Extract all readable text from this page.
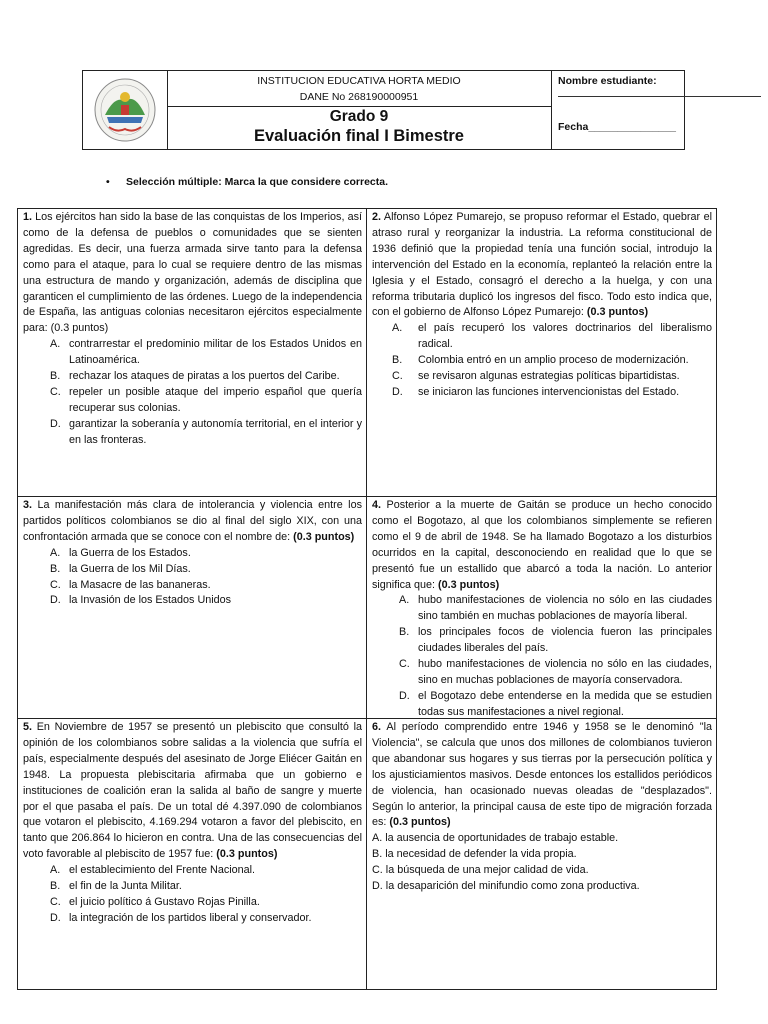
INSTITUCION EDUCATIVA HORTA MEDIO
DANE No 268190000951
Grado 9
Evaluación final I Bimestre
Nombre estudiante:
Fecha_______________
• Selección múltiple: Marca la que considere correcta.
1. Los ejércitos han sido la base de las conquistas de los Imperios, así como de la defensa de pueblos o comunidades que se sienten agredidas. Es decir, una fuerza armada sirve tanto para la defensa como para el ataque, para lo cual se requiere dentro de las mismas una estructura de mando y organización, además de disciplina que garanticen el cumplimiento de las órdenes. Luego de la independencia de España, las antiguas colonias necesitaron ejércitos especialmente para: (0.3 puntos)
A. contrarrestar el predominio militar de los Estados Unidos en Latinoamérica.
B. rechazar los ataques de piratas a los puertos del Caribe.
C. repeler un posible ataque del imperio español que quería recuperar sus colonias.
D. garantizar la soberanía y autonomía territorial, en el interior y en las fronteras.
2. Alfonso López Pumarejo, se propuso reformar el Estado, quebrar el atraso rural y reorganizar la industria. La reforma constitucional de 1936 definió que la propiedad tenía una función social, introdujo la intervención del Estado en la economía, replanteó la relación entre la Iglesia y el Estado, consagró el derecho a la huelga, y con una reforma tributaria duplicó los ingresos del fisco. Todo esto indica que, con el gobierno de Alfonso López Pumarejo: (0.3 puntos)
A.	el país recuperó los valores doctrinarios del liberalismo radical.
B.	Colombia entró en un amplio proceso de modernización.
C.	se revisaron algunas estrategias políticas bipartidistas.
D.	se iniciaron las funciones intervencionistas del Estado.
3. La manifestación más clara de intolerancia y violencia entre los partidos políticos colombianos se dio al final del siglo XIX, con una confrontación armada que se conoce con el nombre de: (0.3 puntos)
A. la Guerra de los Estados.
B. la Guerra de los Mil Días.
C. la Masacre de las bananeras.
D. la Invasión de los Estados Unidos
4. Posterior a la muerte de Gaitán se produce un hecho conocido como el Bogotazo, al que los colombianos simplemente se refieren como el 9 de abril de 1948. Se ha llamado Bogotazo a los disturbios ocurridos en la capital, desconociendo en realidad que lo que se presentó fue un estallido que abarcó a toda la nación. Lo anterior significa que: (0.3 puntos)
A. hubo manifestaciones de violencia no sólo en las ciudades sino también en muchas poblaciones de mayoría liberal.
B. los principales focos de violencia fueron las principales ciudades liberales del país.
C. hubo manifestaciones de violencia no sólo en las ciudades, sino en muchas poblaciones de mayoría conservadora.
D. el Bogotazo debe entenderse en la medida que se estudien todas sus manifestaciones a nivel regional.
5. En Noviembre de 1957 se presentó un plebiscito que consultó la opinión de los colombianos sobre salidas a la violencia que sufría el país, especialmente después del asesinato de Jorge Eliécer Gaitán en 1948. La propuesta plebiscitaria afirmaba que un gobierno e instituciones de coalición eran la salida al baño de sangre y muerte por el que pasaba el país. De un total dé 4.397.090 de colombianos que votaron el plebiscito, 4.169.294 votaron a favor del plebiscito, en tanto que 206.864 lo hicieron en contra. Una de las consecuencias del voto favorable al plebiscito de 1957 fue: (0.3 puntos)
A. el establecimiento del Frente Nacional.
B. el fin de la Junta Militar.
C. el juicio político á Gustavo Rojas Pinilla.
D. la integración de los partidos liberal y conservador.
6. Al período comprendido entre 1946 y 1958 se le denominó "la Violencia", se calcula que unos dos millones de colombianos tuvieron que abandonar sus hogares y sus tierras por la persecución política y los ajusticiamientos masivos. Desde entonces los estallidos periódicos de violencia, han ocasionado nuevas oleadas de "desplazados". Según lo anterior, la principal causa de este tipo de migración forzada es: (0.3 puntos)
A. la ausencia de oportunidades de trabajo estable.
B. la necesidad de defender la vida propia.
C. la búsqueda de una mejor calidad de vida.
D. la desaparición del minifundio como zona productiva.
